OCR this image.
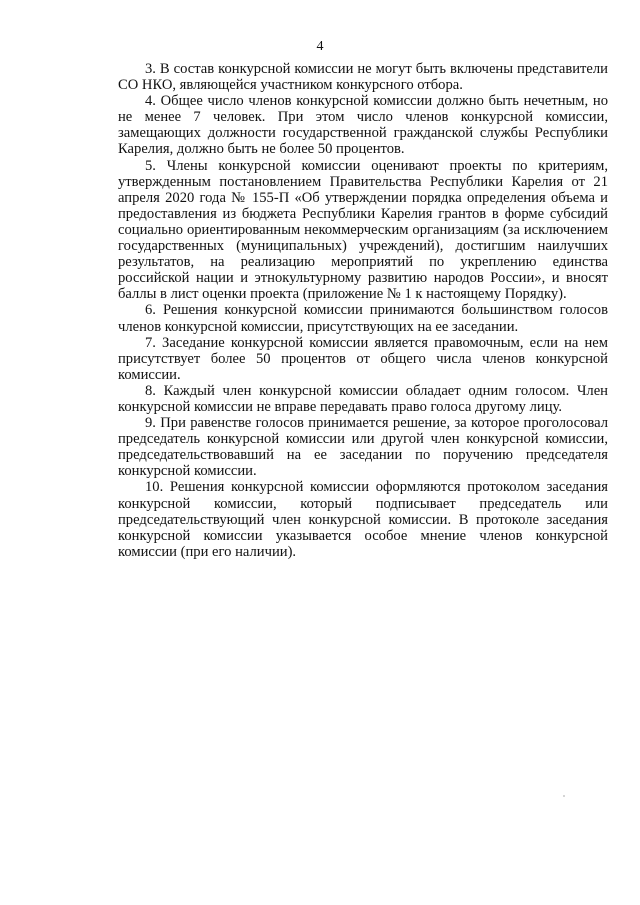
4

3. В состав конкурсной комиссии не могут быть включены представители СО НКО, являющейся участником конкурсного отбора.

4. Общее число членов конкурсной комиссии должно быть нечетным, но не менее 7 человек. При этом число членов конкурсной комиссии, замещающих должности государственной гражданской службы Республики Карелия, должно быть не более 50 процентов.

5. Члены конкурсной комиссии оценивают проекты по критериям, утвержденным постановлением Правительства Республики Карелия от 21 апреля 2020 года № 155-П «Об утверждении порядка определения объема и предоставления из бюджета Республики Карелия грантов в форме субсидий социально ориентированным некоммерческим организациям (за исключением государственных (муниципальных) учреждений), достигшим наилучших результатов, на реализацию мероприятий по укреплению единства российской нации и этнокультурному развитию народов России», и вносят баллы в лист оценки проекта (приложение № 1 к настоящему Порядку).

6. Решения конкурсной комиссии принимаются большинством голосов членов конкурсной комиссии, присутствующих на ее заседании.

7. Заседание конкурсной комиссии является правомочным, если на нем присутствует более 50 процентов от общего числа членов конкурсной комиссии.

8. Каждый член конкурсной комиссии обладает одним голосом. Член конкурсной комиссии не вправе передавать право голоса другому лицу.

9. При равенстве голосов принимается решение, за которое проголосовал председатель конкурсной комиссии или другой член конкурсной комиссии, председательствовавший на ее заседании по поручению председателя конкурсной комиссии.

10. Решения конкурсной комиссии оформляются протоколом заседания конкурсной комиссии, который подписывает председатель или председательствующий член конкурсной комиссии. В протоколе заседания конкурсной комиссии указывается особое мнение членов конкурсной комиссии (при его наличии).
